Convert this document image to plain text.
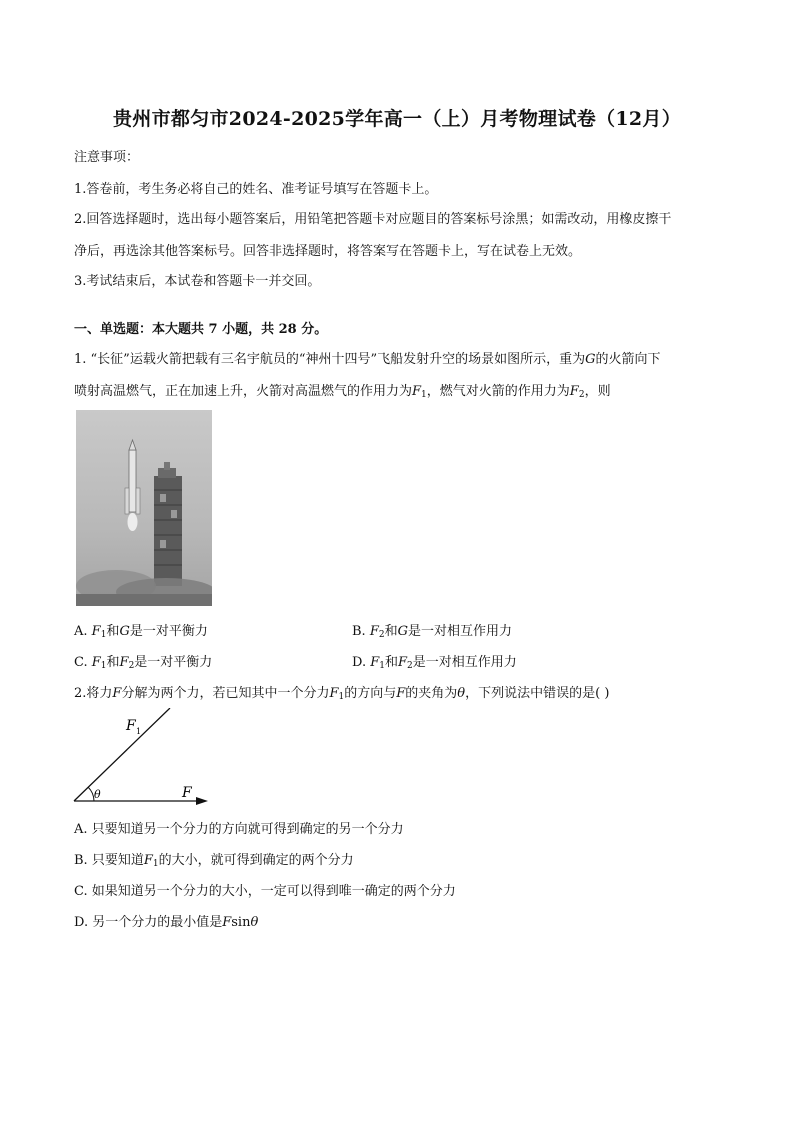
贵州市都匀市2024-2025学年高一（上）月考物理试卷（12月）
注意事项：
1.答卷前，考生务必将自己的姓名、准考证号填写在答题卡上。
2.回答选择题时，选出每小题答案后，用铅笔把答题卡对应题目的答案标号涂黑；如需改动，用橡皮擦干
净后，再选涂其他答案标号。回答非选择题时，将答案写在答题卡上，写在试卷上无效。
3.考试结束后，本试卷和答题卡一并交回。
一、单选题：本大题共 7 小题，共 28 分。
1. “长征”运载火箭把载有三名宇航员的“神州十四号”飞船发射升空的场景如图所示，重为G的火箭向下
喷射高温燃气，正在加速上升，火箭对高温燃气的作用力为$F_1$，燃气对火箭的作用力为$F_2$，则
A. $F_1$和G是一对平衡力	B. $F_2$和G是一对相互作用力
C. $F_1$和$F_2$是一对平衡力	D. $F_1$和$F_2$是一对相互作用力
2.将力F分解为两个力，若已知其中一个分力$F_1$的方向与F的夹角为θ，下列说法中错误的是( )
F 1
F
θ
A. 只要知道另一个分力的方向就可得到确定的另一个分力
B. 只要知道$F_1$的大小，就可得到确定的两个分力
C. 如果知道另一个分力的大小，一定可以得到唯一确定的两个分力
D. 另一个分力的最小值是Fsinθ
